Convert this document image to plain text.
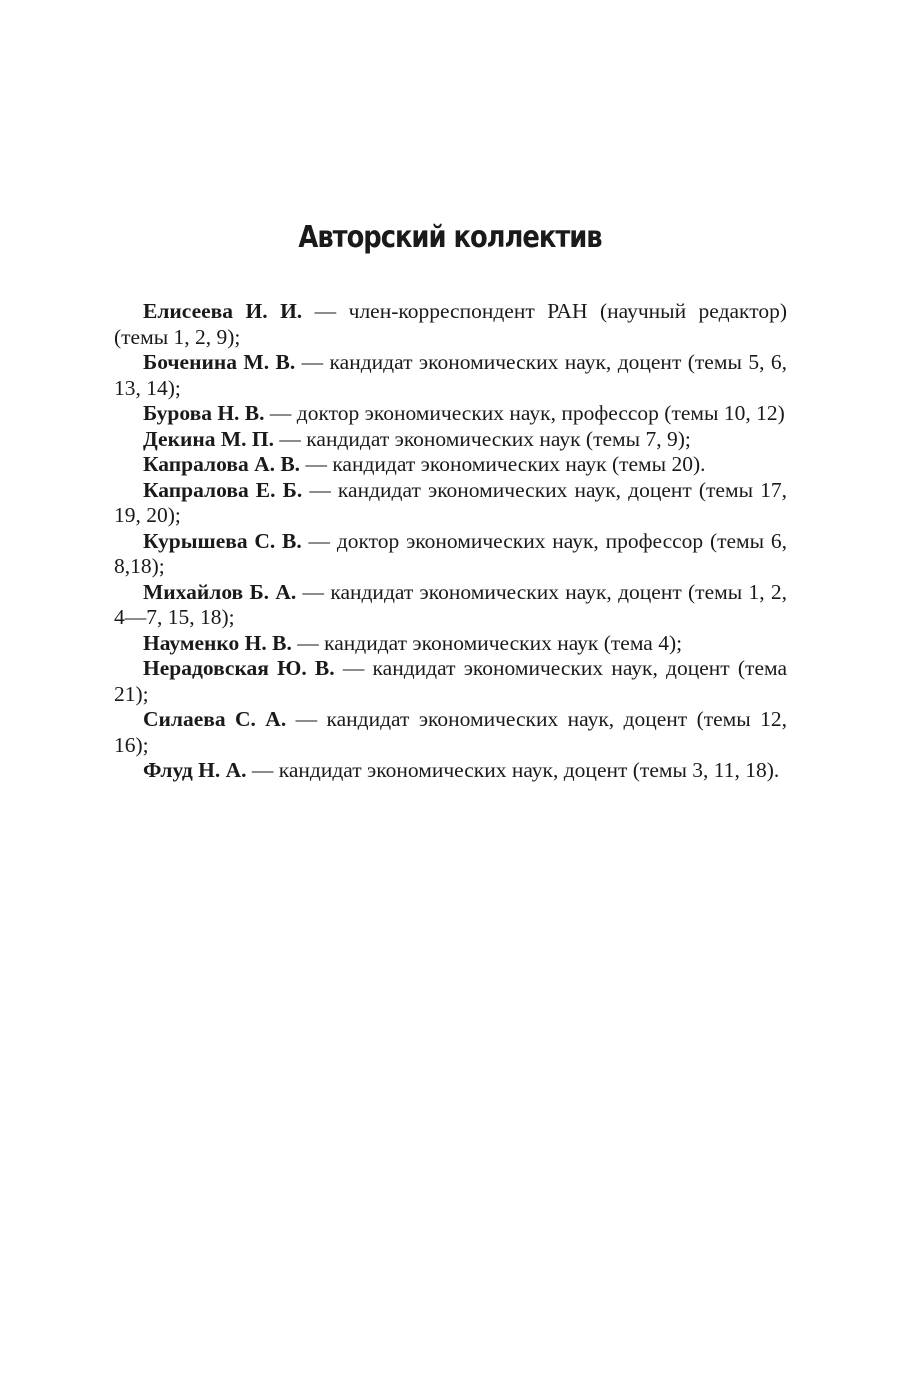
Авторский коллектив

Елисеева И. И. — член-корреспондент РАН (научный редактор) (темы 1, 2, 9);

Боченина М. В. — кандидат экономических наук, доцент (темы 5, 6, 13, 14);

Бурова Н. В. — доктор экономических наук, профессор (темы 10, 12)

Декина М. П. — кандидат экономических наук (темы 7, 9);

Капралова А. В. — кандидат экономических наук (темы 20).

Капралова Е. Б. — кандидат экономических наук, доцент (темы 17, 19, 20);

Курышева С. В. — доктор экономических наук, профессор (темы 6, 8,18);

Михайлов Б. А. — кандидат экономических наук, доцент (темы 1, 2, 4—7, 15, 18);

Науменко Н. В. — кандидат экономических наук (тема 4);

Нерадовская Ю. В. — кандидат экономических наук, доцент (тема 21);

Силаева С. А. — кандидат экономических наук, доцент (темы 12, 16);

Флуд Н. А. — кандидат экономических наук, доцент (темы 3, 11, 18).
